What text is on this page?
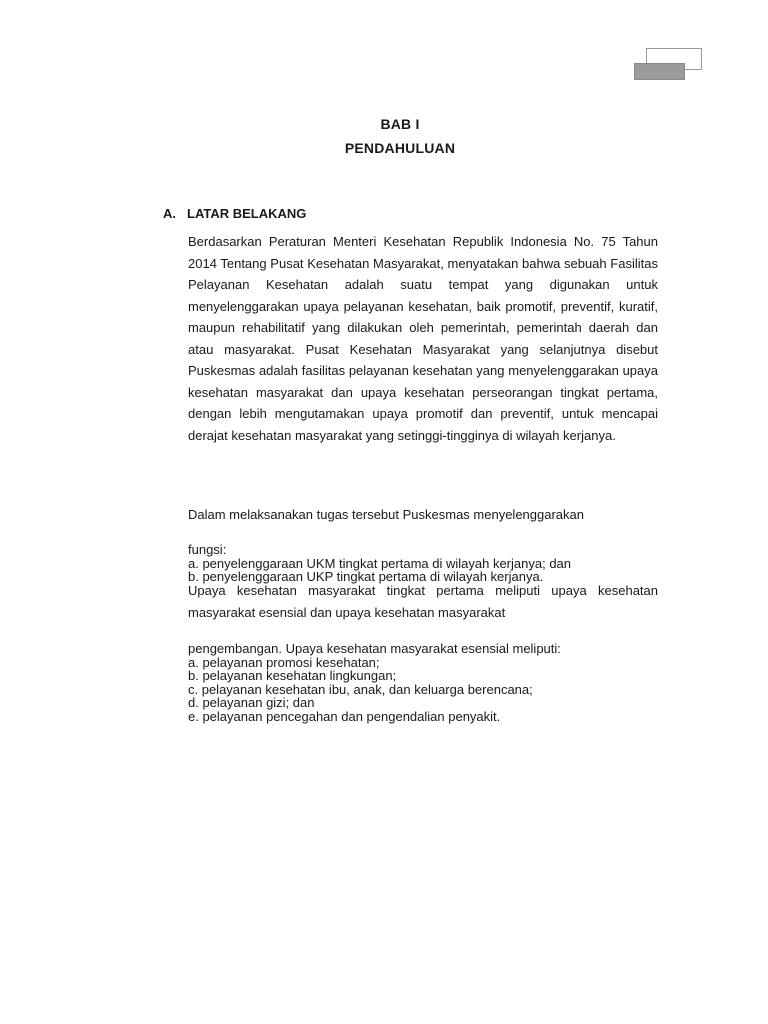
BAB I
PENDAHULUAN
A. LATAR BELAKANG
Berdasarkan Peraturan Menteri Kesehatan Republik Indonesia No. 75 Tahun 2014 Tentang Pusat Kesehatan Masyarakat, menyatakan bahwa sebuah Fasilitas Pelayanan Kesehatan adalah suatu tempat yang digunakan untuk menyelenggarakan upaya pelayanan kesehatan, baik promotif, preventif, kuratif, maupun rehabilitatif yang dilakukan oleh pemerintah, pemerintah daerah dan atau masyarakat. Pusat Kesehatan Masyarakat yang selanjutnya disebut Puskesmas adalah fasilitas pelayanan kesehatan yang menyelenggarakan upaya kesehatan masyarakat dan upaya kesehatan perseorangan tingkat pertama, dengan lebih mengutamakan upaya promotif dan preventif, untuk mencapai derajat kesehatan masyarakat yang setinggi-tingginya di wilayah kerjanya.
Dalam melaksanakan tugas tersebut Puskesmas menyelenggarakan
fungsi:
a. penyelenggaraan UKM tingkat pertama di wilayah kerjanya; dan
b. penyelenggaraan UKP tingkat pertama di wilayah kerjanya.
Upaya kesehatan masyarakat tingkat pertama meliputi upaya kesehatan masyarakat esensial dan upaya kesehatan masyarakat
pengembangan. Upaya kesehatan masyarakat esensial meliputi:
a. pelayanan promosi kesehatan;
b. pelayanan kesehatan lingkungan;
c. pelayanan kesehatan ibu, anak, dan keluarga berencana;
d. pelayanan gizi; dan
e. pelayanan pencegahan dan pengendalian penyakit.
